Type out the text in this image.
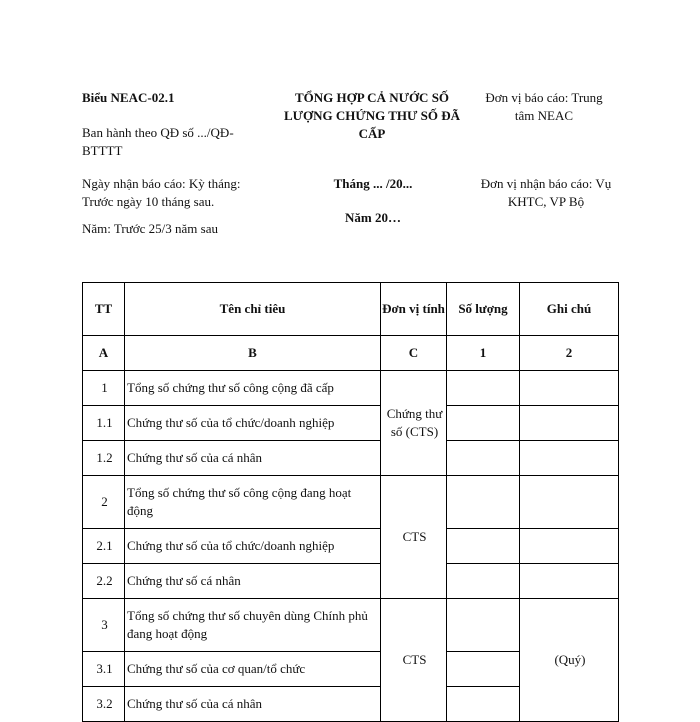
Biểu NEAC-02.1
Ban hành theo QĐ số .../QĐ-BTTTT
TỔNG HỢP CẢ NƯỚC SỐ LƯỢNG CHỨNG THƯ SỐ ĐÃ CẤP
Đơn vị báo cáo: Trung tâm NEAC
Ngày nhận báo cáo: Kỳ tháng: Trước ngày 10 tháng sau.
Năm: Trước 25/3 năm sau
Tháng ... /20...
Năm 20…
Đơn vị nhận báo cáo: Vụ KHTC, VP Bộ
TT	Tên chỉ tiêu	Đơn vị tính	Số lượng	Ghi chú
A	B	C	1	2
1	Tổng số chứng thư số công cộng đã cấp	Chứng thư số (CTS)		
1.1	Chứng thư số của tổ chức/doanh nghiệp			
1.2	Chứng thư số của cá nhân			
2	Tổng số chứng thư số công cộng đang hoạt động	CTS		
2.1	Chứng thư số của tổ chức/doanh nghiệp			
2.2	Chứng thư số cá nhân			
3	Tổng số chứng thư số chuyên dùng Chính phủ đang hoạt động	CTS		(Quý)
3.1	Chứng thư số của cơ quan/tổ chức			
3.2	Chứng thư số của cá nhân			
